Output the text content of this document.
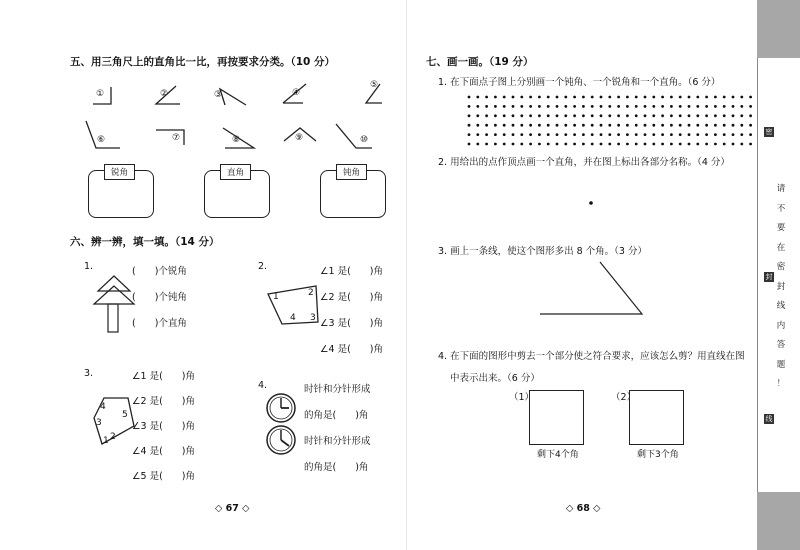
五、用三角尺上的直角比一比，再按要求分类。（10 分）
①	②	③	④
⑤
⑥	⑦	⑧	⑨	⑩
锐角	直角	钝角
六、辨一辨，填一填。（14 分）
1.	(　　)个锐角
(　　)个钝角
(　　)个直角
2.
1	2
3
4
∠1 是(　　)角
∠2 是(　　)角
∠3 是(　　)角
∠4 是(　　)角
3.
4
5
3
2
1
∠1 是(　　)角
∠2 是(　　)角
∠3 是(　　)角
∠4 是(　　)角
∠5 是(　　)角
4.	时针和分针形成
的角是(　　)角
时针和分针形成
的角是(　　)角
◇ 67 ◇
七、画一画。（19 分）
1. 在下面点子图上分别画一个钝角、一个锐角和一个直角。（6 分）
2. 用给出的点作顶点画一个直角，并在图上标出各部分名称。（4 分）
3. 画上一条线，使这个图形多出 8 个角。（3 分）
4. 在下面的图形中剪去一个部分使之符合要求，应该怎么剪？用直线在图
中表示出来。（6 分）
（1）
剩下4个角
（2）
剩下3个角
◇ 68 ◇
密
封
线
请
不
要
在
密
封
线
内
答
题
！
